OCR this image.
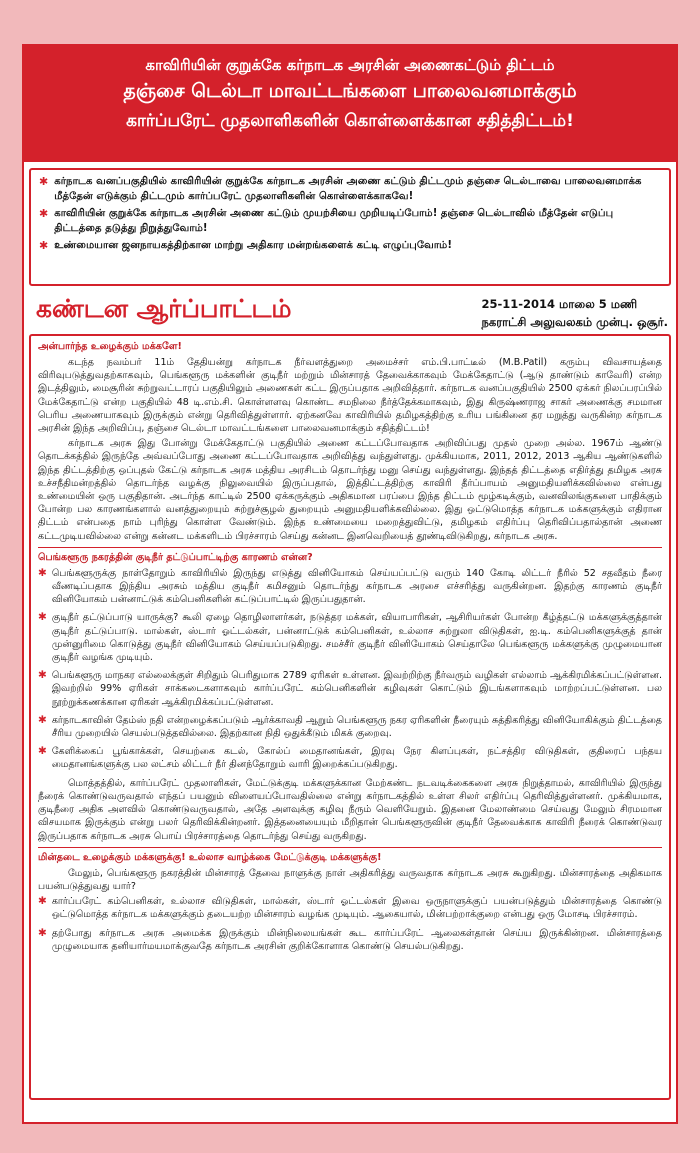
காவிரியின் குறுக்கே கர்நாடக அரசின் அணைகட்டும் திட்டம்
தஞ்சை டெல்டா மாவட்டங்களை பாலைவனமாக்கும்
கார்ப்பரேட் முதலாளிகளின் கொள்ளைக்கான சதித்திட்டம்!
✱ கர்நாடக வனப்பகுதியில் காவிரியின் குறுக்கே கர்நாடக அரசின் அணை கட்டும் திட்டமும் தஞ்சை டெல்டாவை பாலைவனமாக்க மீத்தேன் எடுக்கும் திட்டமும் கார்ப்பரேட் முதலாளிகளின் கொள்ளைக்காகவே!
✱ காவிரியின் குறுக்கே கர்நாடக அரசின் அணை கட்டும் முயற்சியை முறியடிப்போம்! தஞ்சை டெல்டாவில் மீத்தேன் எடுப்பு திட்டத்தை தடுத்து நிறுத்துவோம்!
✱ உண்மையான ஜனநாயகத்திற்கான மாற்று அதிகார மன்றங்களைக் கட்டி எழுப்புவோம்!
கண்டன ஆர்ப்பாட்டம்	25-11-2014 மாலை 5 மணி
நகராட்சி அலுவலகம் முன்பு. ஒசூர்.
அன்பார்ந்த உழைக்கும் மக்களே!

கடந்த நவம்பர் 11ம் தேதியன்று கர்நாடக நீர்வளத்துறை அமைச்சர் எம்.பி.பாட்டீல் (M.B.Patil) கரும்பு விவசாயத்தை விரிவுபடுத்துவதற்காகவும், பெங்களூரு மக்களின் குடிநீர் மற்றும் மின்சாரத் தேவைக்காகவும் மேக்கேதாட்டு (ஆடு தாண்டும் காவேரி) என்ற இடத்திலும், மைசூரின் சுற்றுவட்டாரப் பகுதியிலும் அணைகள் கட்ட இருப்பதாக அறிவித்தார். கர்நாடக வனப்பகுதியில் 2500 ஏக்கர் நிலப்பரப்பில் மேக்கேதாட்டு என்ற பகுதியில் 48 டி.எம்.சி. கொள்ளளவு கொண்ட சமநிலை நீர்த்தேக்கமாகவும், இது கிருஷ்ணராஜ சாகர் அணைக்கு சமமான பெரிய அணையாகவும் இருக்கும் என்று தெரிவித்துள்ளார். ஏற்கனவே காவிரியில் தமிழகத்திற்கு உரிய பங்கினை தர மறுத்து வருகின்ற கர்நாடக அரசின் இந்த அறிவிப்பு, தஞ்சை டெல்டா மாவட்டங்களை பாலைவனமாக்கும் சதித்திட்டம்!

கர்நாடக அரசு இது போன்று மேக்கேதாட்டு பகுதியில் அணை கட்டப்போவதாக அறிவிப்பது முதல் முறை அல்ல. 1967ம் ஆண்டு தொடக்கத்தில் இருந்தே அவ்வப்போது அணை கட்டப்போவதாக அறிவித்து வந்துள்ளது. முக்கியமாக, 2011, 2012, 2013 ஆகிய ஆண்டுகளில் இந்த திட்டத்திற்கு ஒப்புதல் கேட்டு கர்நாடக அரசு மத்திய அரசிடம் தொடர்ந்து மனு செய்து வந்துள்ளது. இந்தத் திட்டத்தை எதிர்த்து தமிழக அரசு உச்சநீதிமன்றத்தில் தொடர்ந்த வழக்கு நிலுவையில் இருப்பதால், இத்திட்டத்திற்கு காவிரி தீர்ப்பாயம் அனுமதியளிக்கவில்லை என்பது உண்மையின் ஒரு பகுதிதான். அடர்ந்த காட்டில் 2500 ஏக்கருக்கும் அதிகமான பரப்பை இந்த திட்டம் மூழ்கடிக்கும், வனவிலங்குகளை பாதிக்கும் போன்ற பல காரணங்களால் வனத்துறையும் சுற்றுச்சூழல் துறையும் அனுமதியளிக்கவில்லை. இது ஒட்டுமொத்த கர்நாடக மக்களுக்கும் எதிரான திட்டம் என்பதை நாம் புரிந்து கொள்ள வேண்டும். இந்த உண்மையை மறைத்துவிட்டு, தமிழகம் எதிர்ப்பு தெரிவிப்பதால்தான் அணை கட்டமுடியவில்லை என்று கன்னட மக்களிடம் பிரச்சாரம் செய்து கன்னட இனவெறியைத் தூண்டிவிடுகிறது, கர்நாடக அரசு.

பெங்களூரு நகரத்தின் குடிநீர் தட்டுப்பாட்டிற்கு காரணம் என்ன?
✱ பெங்களூருக்கு நாள்தோறும் காவிரியில் இருந்து எடுத்து வினியோகம் செய்யப்பட்டு வரும் 140 கோடி லிட்டர் நீரில் 52 சதவீதம் நீரை வீணடிப்பதாக இந்திய அரசும் மத்திய குடிநீர் கமிசனும் தொடர்ந்து கர்நாடக அரசை எச்சரித்து வருகின்றன. இதற்கு காரணம் குடிநீர் வினியோகம் பன்னாட்டுக் கம்பெனிகளின் கட்டுப்பாட்டில் இருப்பதுதான்.
✱ குடிநீர் தட்டுப்பாடு யாருக்கு? கூலி ஏழை தொழிலாளர்கள், நடுத்தர மக்கள், வியாபாரிகள், ஆசிரியர்கள் போன்ற கீழ்த்தட்டு மக்களுக்குத்தான் குடிநீர் தட்டுப்பாடு. மால்கள், ஸ்டார் ஓட்டல்கள், பன்னாட்டுக் கம்பெனிகள், உல்லாச சுற்றுலா விடுதிகள், ஐ.டி. கம்பெனிகளுக்குத் தான் முன்னுரிமை கொடுத்து குடிநீர் வினியோகம் செய்யப்படுகிறது. சமச்சீர் குடிநீர் வினியோகம் செய்தாலே பெங்களூரு மக்களுக்கு முழுமையான குடிநீர் வழங்க முடியும்.
✱ பெங்களூரு மாநகர எல்லைக்குள் சிறிதும் பெரிதுமாக 2789 ஏரிகள் உள்ளன. இவற்றிற்கு நீர்வரும் வழிகள் எல்லாம் ஆக்கிரமிக்கப்பட்டுள்ளன. இவற்றில் 99% ஏரிகள் சாக்கடைகளாகவும் கார்ப்பரேட் கம்பெனிகளின் கழிவுகள் கொட்டும் இடங்களாகவும் மாற்றப்பட்டுள்ளன. பல நூற்றுக்கணக்கான ஏரிகள் ஆக்கிரமிக்கப்பட்டுள்ளன.
✱ கர்நாடகாவின் தேம்ஸ் நதி என்றழைக்கப்படும் ஆர்க்காவதி ஆறும் பெங்களூரு நகர ஏரிகளின் நீரையும் சுத்திகரித்து வினியோகிக்கும் திட்டத்தை சீரிய முறையில் செயல்படுத்தவில்லை. இதற்கான நிதி ஒதுக்கீடும் மிகக் குறைவு.
✱ கேளிக்கைப் பூங்காக்கள், செயற்கை கடல், கோல்ப் மைதானங்கள், இரவு நேர கிளப்புகள், நட்சத்திர விடுதிகள், குதிரைப் பந்தய மைதானங்களுக்கு பல லட்சம் லிட்டர் நீர் தினந்தோறும் வாரி இறைக்கப்படுகிறது.

மொத்தத்தில், கார்ப்பரேட் முதலாளிகள், மேட்டுக்குடி மக்களுக்கான மேற்கண்ட நடவடிக்கைகளை அரசு நிறுத்தாமல், காவிரியில் இருந்து நீரைக் கொண்டுவருவதால் எந்தப் பயனும் விளையப்போவதில்லை என்று கர்நாடகத்தில் உள்ள சிலர் எதிர்ப்பு தெரிவித்துள்ளனர். முக்கியமாக, குடிநீரை அதிக அளவில் கொண்டுவருவதால், அதே அளவுக்கு கழிவு நீரும் வெளியேறும். இதனை மேலாண்மை செய்வது மேலும் சிரமமான விசயமாக இருக்கும் என்று பலர் தெரிவிக்கின்றனர். இத்தனையையும் மீறிதான் பெங்களூருவின் குடிநீர் தேவைக்காக காவிரி நீரைக் கொண்டுவர இருப்பதாக கர்நாடக அரசு பொய் பிரச்சாரத்தை தொடர்ந்து செய்து வருகிறது.

மின்தடை உழைக்கும் மக்களுக்கு! உல்லாச வாழ்க்கை மேட்டுக்குடி மக்களுக்கு!

மேலும், பெங்களூரு நகரத்தின் மின்சாரத் தேவை நாளுக்கு நாள் அதிகரித்து வருவதாக கர்நாடக அரசு கூறுகிறது. மின்சாரத்தை அதிகமாக பயன்படுத்துவது யார்?

✱ கார்ப்பரேட் கம்பெனிகள், உல்லாச விடுதிகள், மால்கள், ஸ்டார் ஓட்டல்கள் இவை ஒருநாளுக்குப் பயன்படுத்தும் மின்சாரத்தை கொண்டு ஒட்டுமொத்த கர்நாடக மக்களுக்கும் தடையற்ற மின்சாரம் வழங்க முடியும். ஆகையால், மின்பற்றாக்குறை என்பது ஒரு மோசடி பிரச்சாரம்.
✱ தற்போது கர்நாடக அரசு அமைக்க இருக்கும் மின்நிலையங்கள் கூட கார்ப்பரேட் ஆலைகள்தான் செய்ய இருக்கின்றன. மின்சாரத்தை முழுமையாக தனியார்மயமாக்குவதே கர்நாடக அரசின் குறிக்கோளாக கொண்டு செயல்படுகிறது.
